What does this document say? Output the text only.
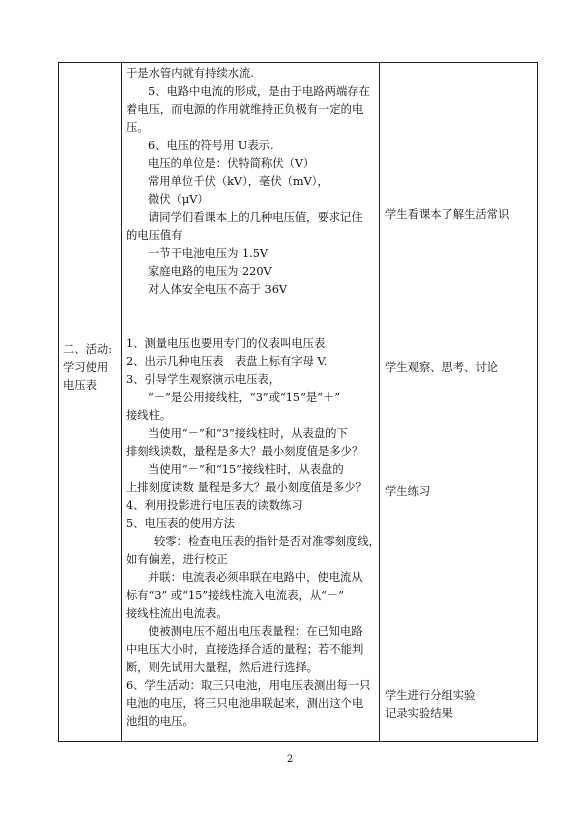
二、活动:
学习使用
电压表
于是水管内就有持续水流.
5、电路中电流的形成，是由于电路两端存在
着电压，而电源的作用就维持正负极有一定的电
压。
6、电压的符号用 U表示.
电压的单位是：伏特简称伏（V）
常用单位千伏（kV），毫伏（mV），
微伏（μV）
请同学们看课本上的几种电压值，要求记住
的电压值有
一节干电池电压为 1.5V
家庭电路的电压为 220V
对人体安全电压不高于 36V
1、测量电压也要用专门的仪表叫电压表
2、出示几种电压表　表盘上标有字母 V.
3、引导学生观察演示电压表，
“－”是公用接线柱，“3”或“15”是“＋”
接线柱。
当使用“－”和“3”接线柱时，从表盘的下
排刻线读数，量程是多大？最小刻度值是多少？
当使用“－”和“15”接线柱时，从表盘的
上排刻度读数 量程是多大？最小刻度值是多少？
4、利用投影进行电压表的读数练习
5、电压表的使用方法
较零：检查电压表的指针是否对准零刻度线，
如有偏差，进行校正
并联：电流表必须串联在电路中，使电流从
标有“3” 或“15”接线柱流入电流表，从“－”
接线柱流出电流表。
使被测电压不超出电压表量程：在已知电路
中电压大小时，直接选择合适的量程；若不能判
断，则先试用大量程，然后进行选择。
6、学生活动：取三只电池，用电压表测出每一只
电池的电压，将三只电池串联起来，测出这个电
池组的电压。
学生看课本了解生活常识
学生观察、思考、讨论
学生练习
学生进行分组实验
记录实验结果
2
